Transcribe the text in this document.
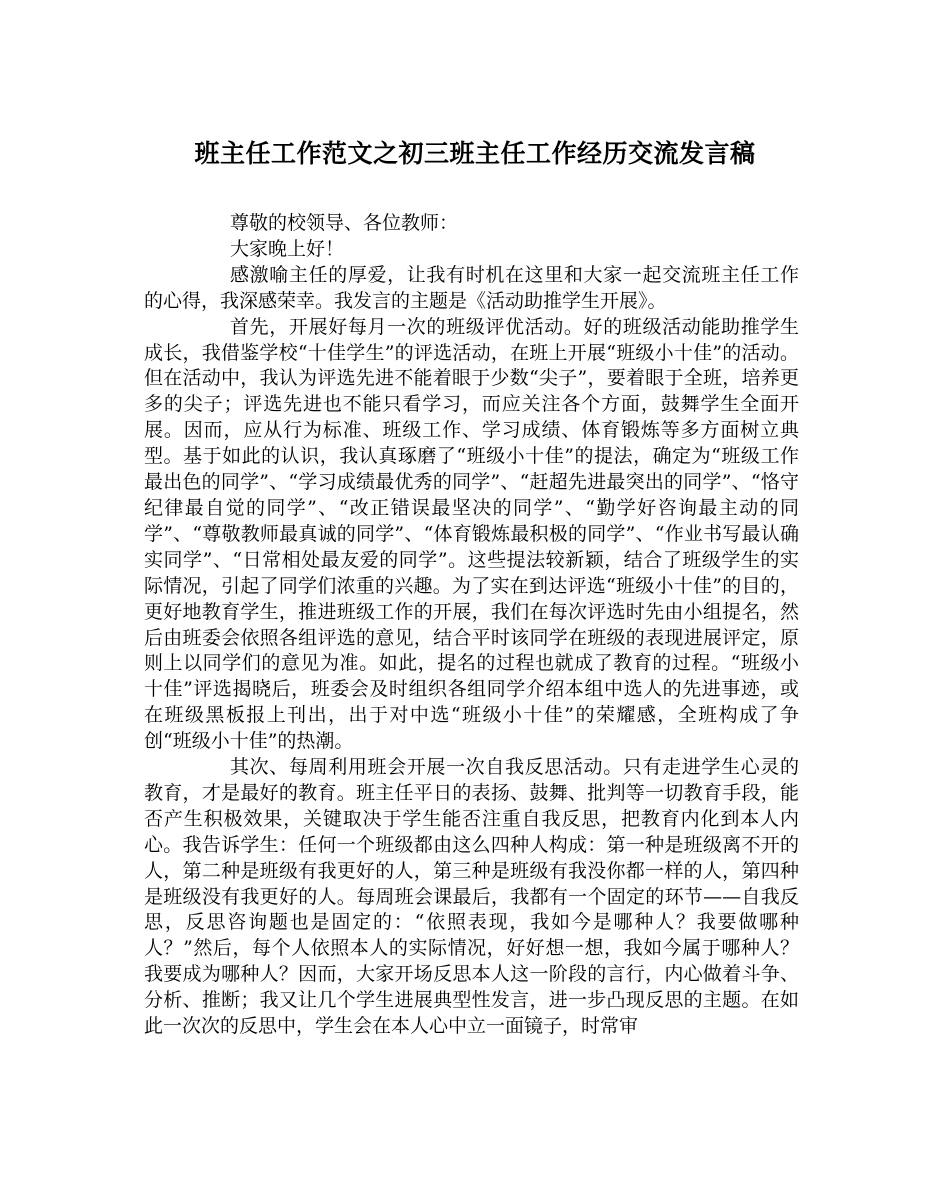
班主任工作范文之初三班主任工作经历交流发言稿

尊敬的校领导、各位教师：

大家晚上好！

感激喻主任的厚爱，让我有时机在这里和大家一起交流班主任工作的心得，我深感荣幸。我发言的主题是《活动助推学生开展》。

首先，开展好每月一次的班级评优活动。好的班级活动能助推学生成长，我借鉴学校“十佳学生”的评选活动，在班上开展“班级小十佳”的活动。但在活动中，我认为评选先进不能着眼于少数“尖子”，要着眼于全班，培养更多的尖子；评选先进也不能只看学习，而应关注各个方面，鼓舞学生全面开展。因而，应从行为标准、班级工作、学习成绩、体育锻炼等多方面树立典型。基于如此的认识，我认真琢磨了“班级小十佳”的提法，确定为“班级工作最出色的同学”、“学习成绩最优秀的同学”、“赶超先进最突出的同学”、“恪守纪律最自觉的同学”、“改正错误最坚决的同学”、“勤学好咨询最主动的同学”、“尊敬教师最真诚的同学”、“体育锻炼最积极的同学”、“作业书写最认确实同学”、“日常相处最友爱的同学”。这些提法较新颖，结合了班级学生的实际情况，引起了同学们浓重的兴趣。为了实在到达评选“班级小十佳”的目的，更好地教育学生，推进班级工作的开展，我们在每次评选时先由小组提名，然后由班委会依照各组评选的意见，结合平时该同学在班级的表现进展评定，原则上以同学们的意见为准。如此，提名的过程也就成了教育的过程。“班级小十佳”评选揭晓后，班委会及时组织各组同学介绍本组中选人的先进事迹，或在班级黑板报上刊出，出于对中选“班级小十佳”的荣耀感，全班构成了争创“班级小十佳”的热潮。

其次、每周利用班会开展一次自我反思活动。只有走进学生心灵的教育，才是最好的教育。班主任平日的表扬、鼓舞、批判等一切教育手段，能否产生积极效果，关键取决于学生能否注重自我反思，把教育内化到本人内心。我告诉学生：任何一个班级都由这么四种人构成：第一种是班级离不开的人，第二种是班级有我更好的人，第三种是班级有我没你都一样的人，第四种是班级没有我更好的人。每周班会课最后，我都有一个固定的环节——自我反思，反思咨询题也是固定的：“依照表现，我如今是哪种人？我要做哪种人？”然后，每个人依照本人的实际情况，好好想一想，我如今属于哪种人？我要成为哪种人？因而，大家开场反思本人这一阶段的言行，内心做着斗争、分析、推断；我又让几个学生进展典型性发言，进一步凸现反思的主题。在如此一次次的反思中，学生会在本人心中立一面镜子，时常审
